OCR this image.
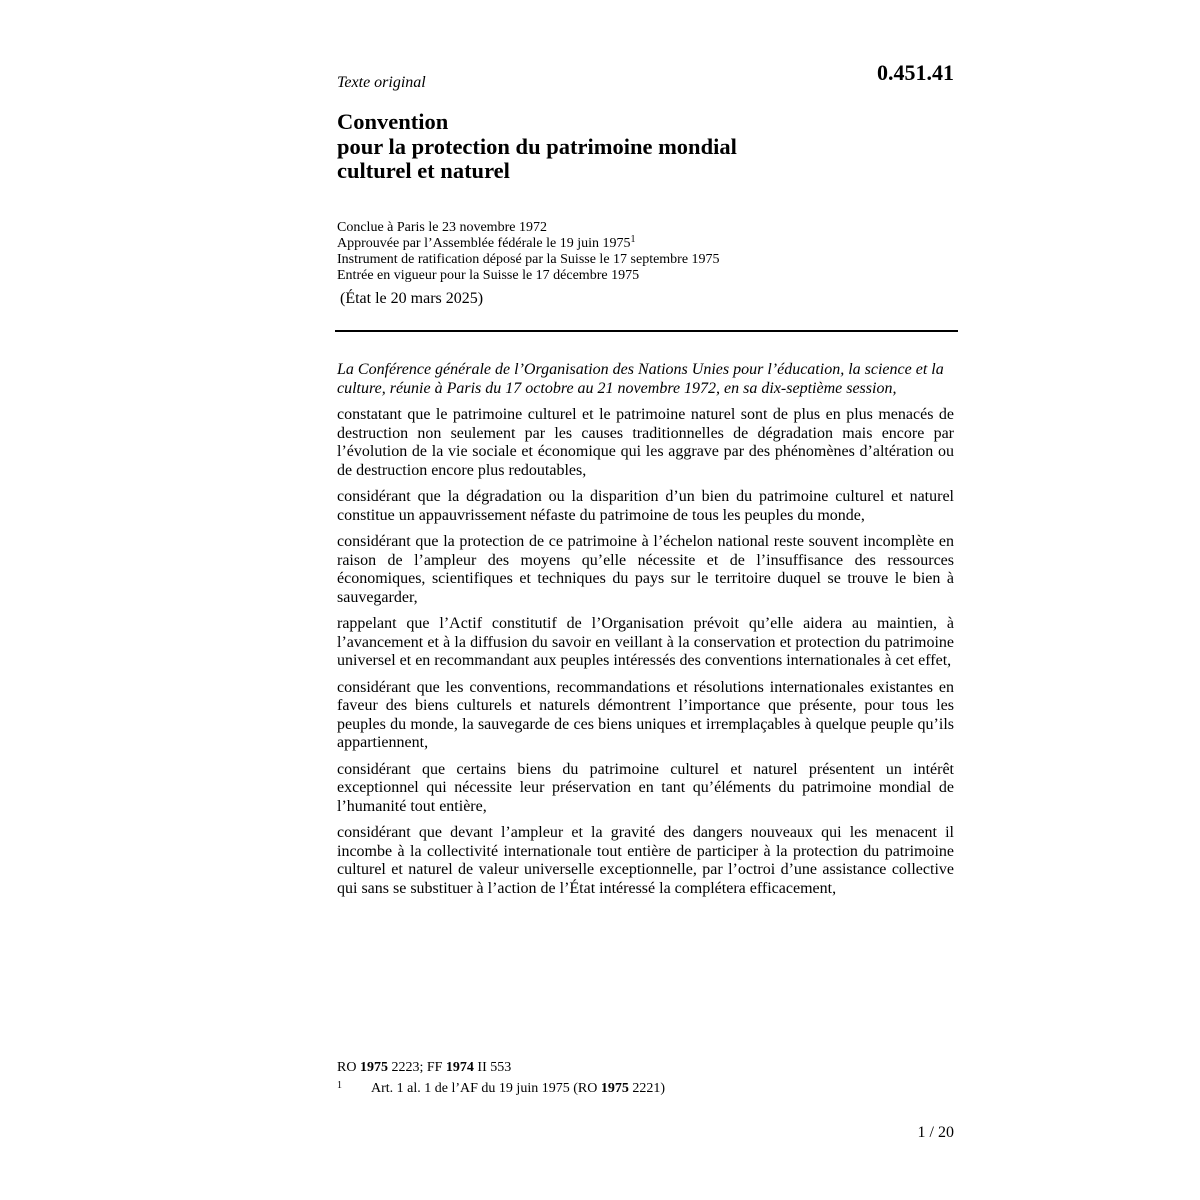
Texte original	0.451.41
Convention
pour la protection du patrimoine mondial
culturel et naturel
Conclue à Paris le 23 novembre 1972
Approuvée par l’Assemblée fédérale le 19 juin 1975$^1$
Instrument de ratification déposé par la Suisse le 17 septembre 1975
Entrée en vigueur pour la Suisse le 17 décembre 1975
(État le 20 mars 2025)

La Conférence générale de l’Organisation des Nations Unies pour l’éducation, la science et la culture, réunie à Paris du 17 octobre au 21 novembre 1972, en sa dix-septième session,

constatant que le patrimoine culturel et le patrimoine naturel sont de plus en plus menacés de destruction non seulement par les causes traditionnelles de dégradation mais encore par l’évolution de la vie sociale et économique qui les aggrave par des phénomènes d’altération ou de destruction encore plus redoutables,

considérant que la dégradation ou la disparition d’un bien du patrimoine culturel et naturel constitue un appauvrissement néfaste du patrimoine de tous les peuples du monde,

considérant que la protection de ce patrimoine à l’échelon national reste souvent incomplète en raison de l’ampleur des moyens qu’elle nécessite et de l’insuffisance des ressources économiques, scientifiques et techniques du pays sur le territoire duquel se trouve le bien à sauvegarder,

rappelant que l’Actif constitutif de l’Organisation prévoit qu’elle aidera au maintien, à l’avancement et à la diffusion du savoir en veillant à la conservation et protection du patrimoine universel et en recommandant aux peuples intéressés des conventions internationales à cet effet,

considérant que les conventions, recommandations et résolutions internationales existantes en faveur des biens culturels et naturels démontrent l’importance que présente, pour tous les peuples du monde, la sauvegarde de ces biens uniques et irremplaçables à quelque peuple qu’ils appartiennent,

considérant que certains biens du patrimoine culturel et naturel présentent un intérêt exceptionnel qui nécessite leur préservation en tant qu’éléments du patrimoine mondial de l’humanité tout entière,

considérant que devant l’ampleur et la gravité des dangers nouveaux qui les menacent il incombe à la collectivité internationale tout entière de participer à la protection du patrimoine culturel et naturel de valeur universelle exceptionnelle, par l’octroi d’une assistance collective qui sans se substituer à l’action de l’État intéressé la complétera efficacement,

RO 1975 2223; FF 1974 II 553
1 Art. 1 al. 1 de l’AF du 19 juin 1975 (RO 1975 2221)
1 / 20
